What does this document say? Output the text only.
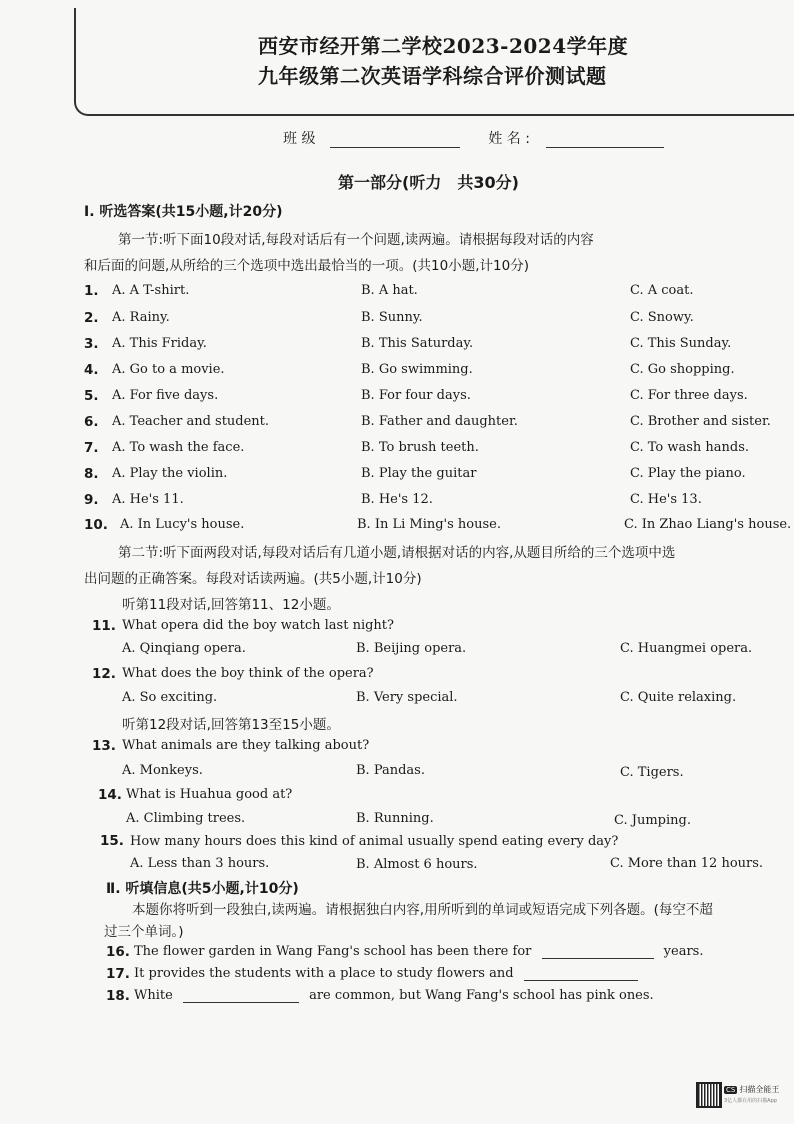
西安市经开第二学校2023-2024学年度
九年级第二次英语学科综合评价测试题
班 级	姓 名 :
第一部分(听力　共30分)
Ⅰ. 听选答案(共15小题,计20分)
第一节:听下面10段对话,每段对话后有一个问题,读两遍。请根据每段对话的内容
和后面的问题,从所给的三个选项中选出最恰当的一项。(共10小题,计10分)
1. A. A T-shirt.	B. A hat.	C. A coat.
2. A. Rainy.	B. Sunny.	C. Snowy.
3. A. This Friday.	B. This Saturday.	C. This Sunday.
4. A. Go to a movie.	B. Go swimming.	C. Go shopping.
5. A. For five days.	B. For four days.	C. For three days.
6. A. Teacher and student.	B. Father and daughter.	C. Brother and sister.
7. A. To wash the face.	B. To brush teeth.	C. To wash hands.
8. A. Play the violin.	B. Play the guitar	C. Play the piano.
9. A. He's 11.	B. He's 12.	C. He's 13.
10. A. In Lucy's house.	B. In Li Ming's house.	C. In Zhao Liang's house.
第二节:听下面两段对话,每段对话后有几道小题,请根据对话的内容,从题目所给的三个选项中选
出问题的正确答案。每段对话读两遍。(共5小题,计10分)
听第11段对话,回答第11、12小题。
11. What opera did the boy watch last night?
A. Qinqiang opera.	B. Beijing opera.	C. Huangmei opera.
12. What does the boy think of the opera?
A. So exciting.	B. Very special.	C. Quite relaxing.
听第12段对话,回答第13至15小题。
13. What animals are they talking about?
A. Monkeys.	B. Pandas.	C. Tigers.
14. What is Huahua good at?
A. Climbing trees.	B. Running.	C. Jumping.
15. How many hours does this kind of animal usually spend eating every day?
A. Less than 3 hours.	B. Almost 6 hours.	C. More than 12 hours.
Ⅱ. 听填信息(共5小题,计10分)
本题你将听到一段独白,读两遍。请根据独白内容,用所听到的单词或短语完成下列各题。(每空不超
过三个单词。)
16. The flower garden in Wang Fang's school has been there for	years.
17. It provides the students with a place to study flowers and
18. White	are common, but Wang Fang's school has pink ones.
CS 扫描全能王
3亿人都在用的扫描App
